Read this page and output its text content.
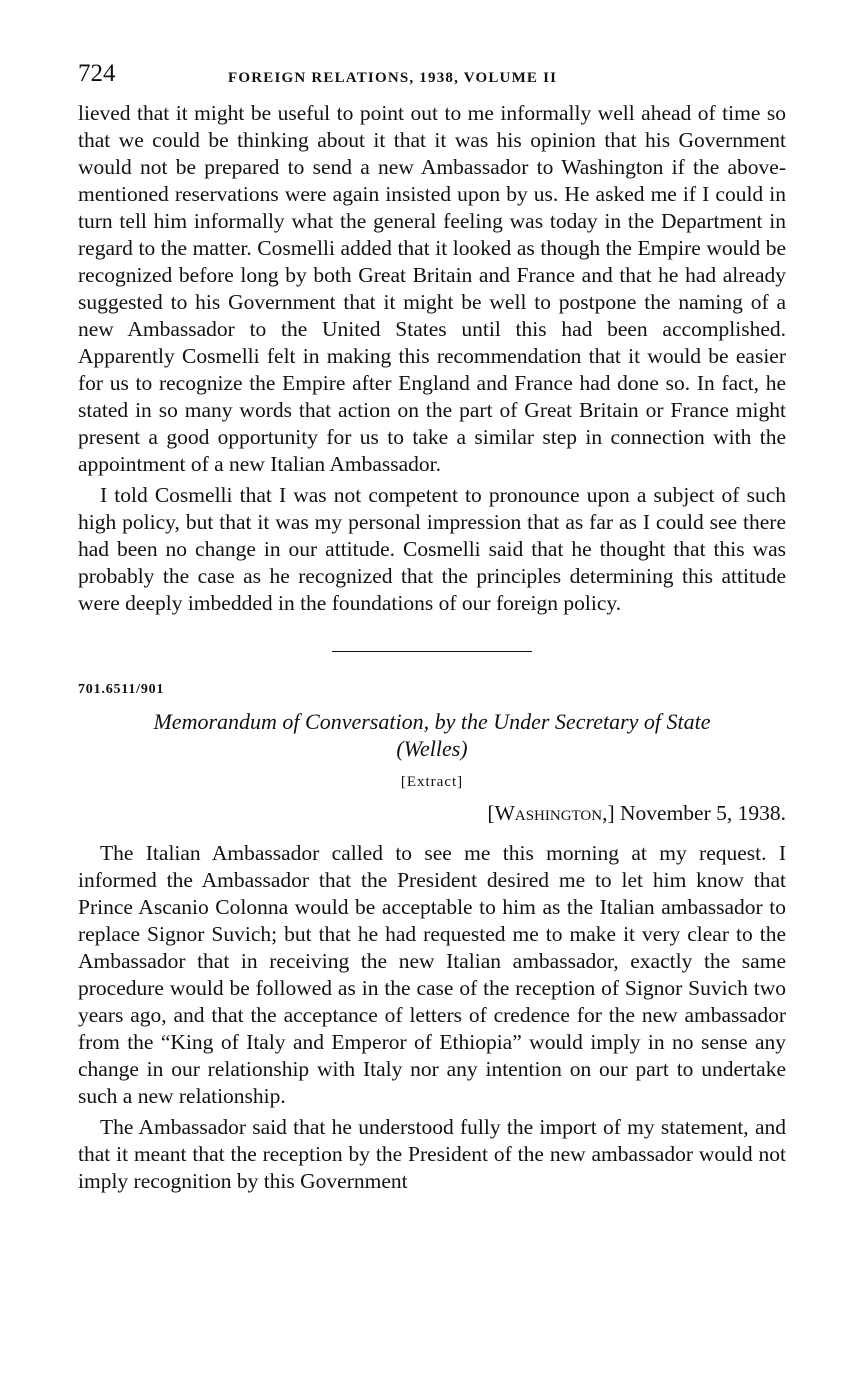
724	FOREIGN RELATIONS, 1938, VOLUME II

lieved that it might be useful to point out to me informally well ahead of time so that we could be thinking about it that it was his opinion that his Government would not be prepared to send a new Ambassador to Washington if the above-mentioned reservations were again insisted upon by us. He asked me if I could in turn tell him informally what the general feeling was today in the Department in regard to the matter. Cosmelli added that it looked as though the Empire would be recognized before long by both Great Britain and France and that he had already suggested to his Government that it might be well to postpone the naming of a new Ambassador to the United States until this had been accomplished. Apparently Cosmelli felt in making this recommendation that it would be easier for us to recognize the Empire after England and France had done so. In fact, he stated in so many words that action on the part of Great Britain or France might present a good opportunity for us to take a similar step in connection with the appointment of a new Italian Ambassador.

I told Cosmelli that I was not competent to pronounce upon a subject of such high policy, but that it was my personal impression that as far as I could see there had been no change in our attitude. Cosmelli said that he thought that this was probably the case as he recognized that the principles determining this attitude were deeply imbedded in the foundations of our foreign policy.

701.6511/901
Memorandum of Conversation, by the Under Secretary of State
(Welles)
[Extract]
[Washington,] November 5, 1938.

The Italian Ambassador called to see me this morning at my request. I informed the Ambassador that the President desired me to let him know that Prince Ascanio Colonna would be acceptable to him as the Italian ambassador to replace Signor Suvich; but that he had requested me to make it very clear to the Ambassador that in receiving the new Italian ambassador, exactly the same procedure would be followed as in the case of the reception of Signor Suvich two years ago, and that the acceptance of letters of credence for the new ambassador from the “King of Italy and Emperor of Ethiopia” would imply in no sense any change in our relationship with Italy nor any intention on our part to undertake such a new relationship.

The Ambassador said that he understood fully the import of my statement, and that it meant that the reception by the President of the new ambassador would not imply recognition by this Government
